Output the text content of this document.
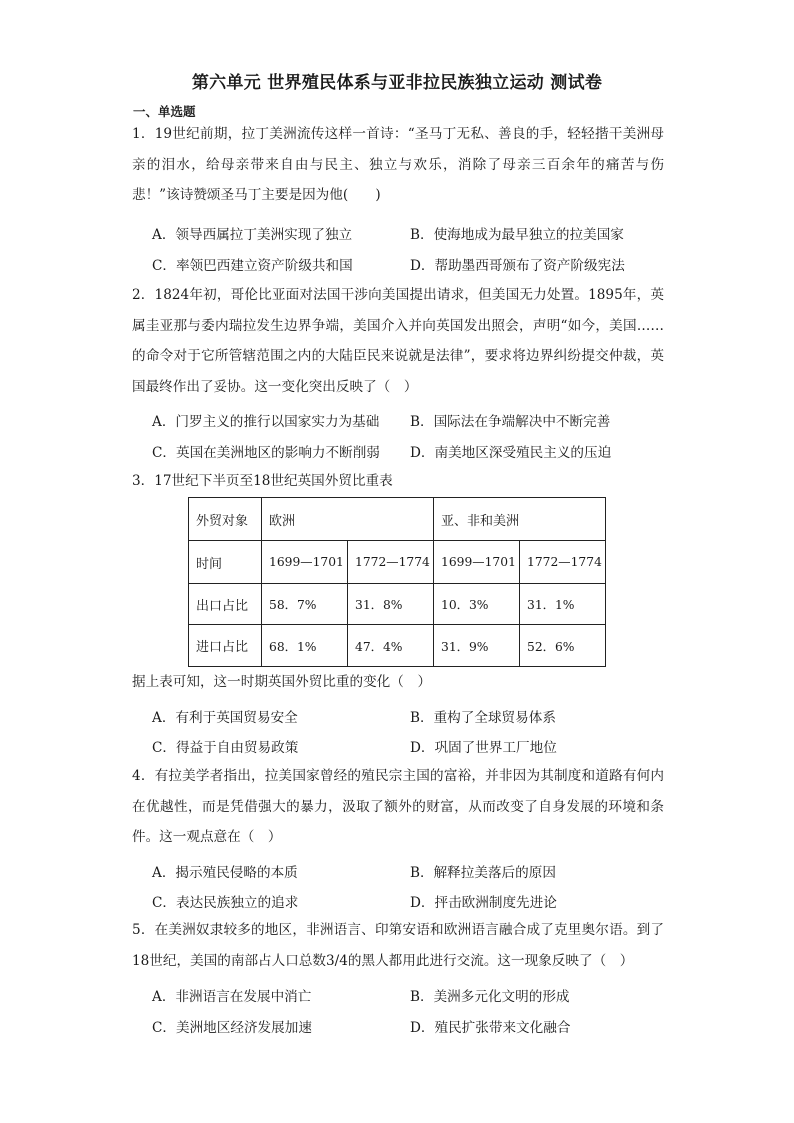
第六单元 世界殖民体系与亚非拉民族独立运动 测试卷
一、单选题
1．19世纪前期，拉丁美洲流传这样一首诗：“圣马丁无私、善良的手，轻轻揩干美洲母亲的泪水，给母亲带来自由与民主、独立与欢乐，消除了母亲三百余年的痛苦与伤悲！”该诗赞颂圣马丁主要是因为他(　　)
A．领导西属拉丁美洲实现了独立	B．使海地成为最早独立的拉美国家
C．率领巴西建立资产阶级共和国	D．帮助墨西哥颁布了资产阶级宪法
2．1824年初，哥伦比亚面对法国干涉向美国提出请求，但美国无力处置。1895年，英属圭亚那与委内瑞拉发生边界争端，美国介入并向英国发出照会，声明“如今，美国……的命令对于它所管辖范围之内的大陆臣民来说就是法律”，要求将边界纠纷提交仲裁，英国最终作出了妥协。这一变化突出反映了（　）
A．门罗主义的推行以国家实力为基础 B．国际法在争端解决中不断完善
C．英国在美洲地区的影响力不断削弱 D．南美地区深受殖民主义的压迫
3．17世纪下半页至18世纪英国外贸比重表
外贸对象	欧洲		亚、非和美洲	
时间	1699—1701	1772—1774	1699—1701	1772—1774
出口占比	58．7%	31．8%	10．3%	31．1%
进口占比	68．1%	47．4%	31．9%	52．6%
据上表可知，这一时期英国外贸比重的变化（　）
A．有利于英国贸易安全	B．重构了全球贸易体系
C．得益于自由贸易政策	D．巩固了世界工厂地位
4．有拉美学者指出，拉美国家曾经的殖民宗主国的富裕，并非因为其制度和道路有何内在优越性，而是凭借强大的暴力，汲取了额外的财富，从而改变了自身发展的环境和条件。这一观点意在（　）
A．揭示殖民侵略的本质	B．解释拉美落后的原因
C．表达民族独立的追求	D．抨击欧洲制度先进论
5．在美洲奴隶较多的地区，非洲语言、印第安语和欧洲语言融合成了克里奥尔语。到了18世纪，美国的南部占人口总数3/4的黑人都用此进行交流。这一现象反映了（　）
A．非洲语言在发展中消亡	B．美洲多元化文明的形成
C．美洲地区经济发展加速	D．殖民扩张带来文化融合
